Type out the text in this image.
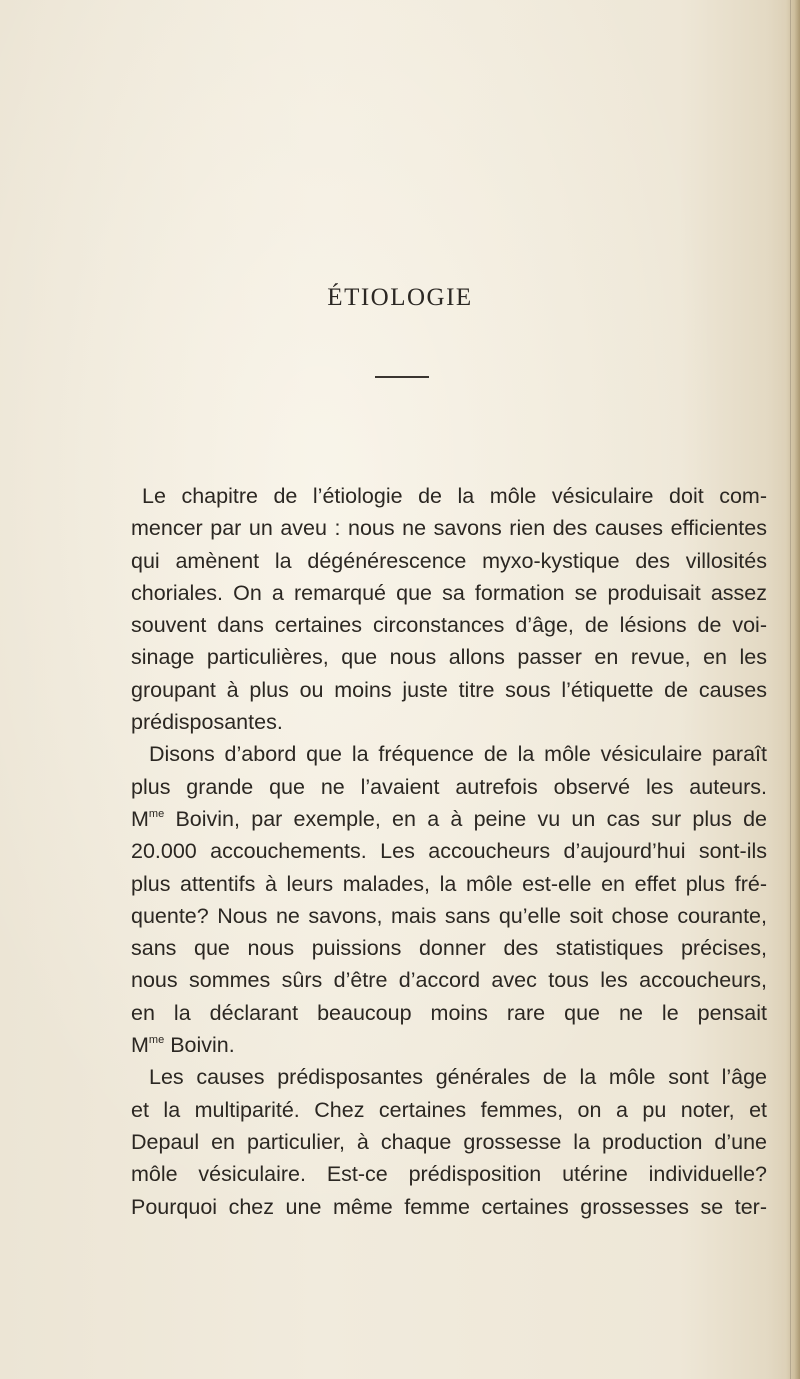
ÉTIOLOGIE

Le chapitre de l’étiologie de la môle vésiculaire doit com-
mencer par un aveu : nous ne savons rien des causes efficientes
qui amènent la dégénérescence myxo-kystique des villosités
choriales. On a remarqué que sa formation se produisait assez
souvent dans certaines circonstances d’âge, de lésions de voi-
sinage particulières, que nous allons passer en revue, en les
groupant à plus ou moins juste titre sous l’étiquette de causes
prédisposantes.

Disons d’abord que la fréquence de la môle vésiculaire paraît
plus grande que ne l’avaient autrefois observé les auteurs.
$M^{me}$ Boivin, par exemple, en a à peine vu un cas sur plus de
20.000 accouchements. Les accoucheurs d’aujourd’hui sont-ils
plus attentifs à leurs malades, la môle est-elle en effet plus fré-
quente? Nous ne savons, mais sans qu’elle soit chose courante,
sans que nous puissions donner des statistiques précises,
nous sommes sûrs d’être d’accord avec tous les accoucheurs,
en la déclarant beaucoup moins rare que ne le pensait
$M^{me}$ Boivin.

Les causes prédisposantes générales de la môle sont l’âge
et la multiparité. Chez certaines femmes, on a pu noter, et
Depaul en particulier, à chaque grossesse la production d’une
môle vésiculaire. Est-ce prédisposition utérine individuelle?
Pourquoi chez une même femme certaines grossesses se ter-
